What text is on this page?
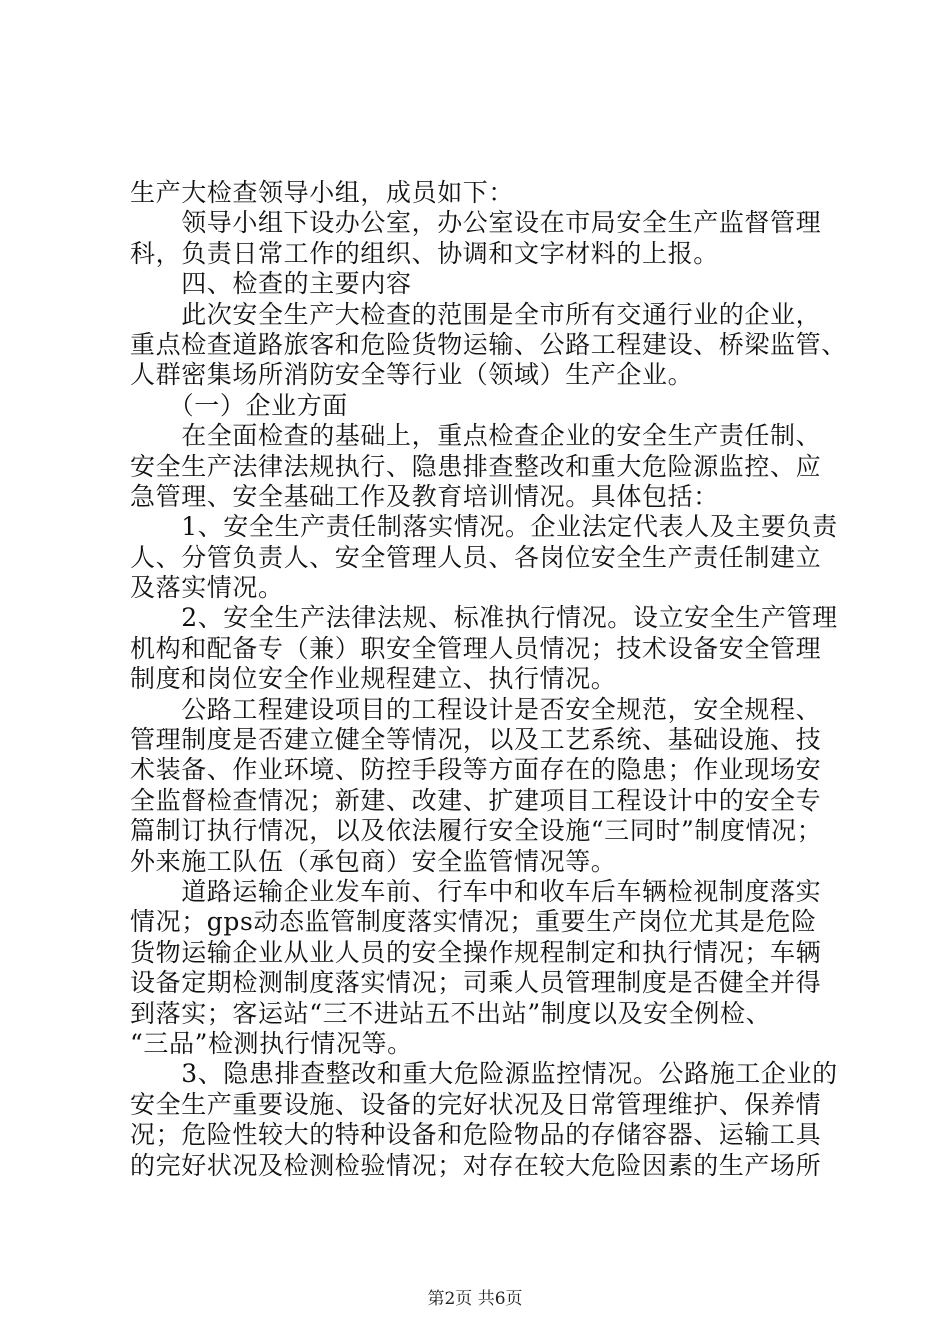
生产大检查领导小组，成员如下：
　　领导小组下设办公室，办公室设在市局安全生产监督管理
科，负责日常工作的组织、协调和文字材料的上报。
　　四、检查的主要内容
　　此次安全生产大检查的范围是全市所有交通行业的企业，
重点检查道路旅客和危险货物运输、公路工程建设、桥梁监管、
人群密集场所消防安全等行业（领域）生产企业。
　　（一）企业方面
　　在全面检查的基础上，重点检查企业的安全生产责任制、
安全生产法律法规执行、隐患排查整改和重大危险源监控、应
急管理、安全基础工作及教育培训情况。具体包括：
　　1、安全生产责任制落实情况。企业法定代表人及主要负责
人、分管负责人、安全管理人员、各岗位安全生产责任制建立
及落实情况。
　　2、安全生产法律法规、标准执行情况。设立安全生产管理
机构和配备专（兼）职安全管理人员情况；技术设备安全管理
制度和岗位安全作业规程建立、执行情况。
　　公路工程建设项目的工程设计是否安全规范，安全规程、
管理制度是否建立健全等情况，以及工艺系统、基础设施、技
术装备、作业环境、防控手段等方面存在的隐患；作业现场安
全监督检查情况；新建、改建、扩建项目工程设计中的安全专
篇制订执行情况，以及依法履行安全设施“三同时”制度情况；
外来施工队伍（承包商）安全监管情况等。
　　道路运输企业发车前、行车中和收车后车辆检视制度落实
情况；gps动态监管制度落实情况；重要生产岗位尤其是危险
货物运输企业从业人员的安全操作规程制定和执行情况；车辆
设备定期检测制度落实情况；司乘人员管理制度是否健全并得
到落实；客运站“三不进站五不出站”制度以及安全例检、
“三品”检测执行情况等。
　　3、隐患排查整改和重大危险源监控情况。公路施工企业的
安全生产重要设施、设备的完好状况及日常管理维护、保养情
况；危险性较大的特种设备和危险物品的存储容器、运输工具
的完好状况及检测检验情况；对存在较大危险因素的生产场所
第2页 共6页
